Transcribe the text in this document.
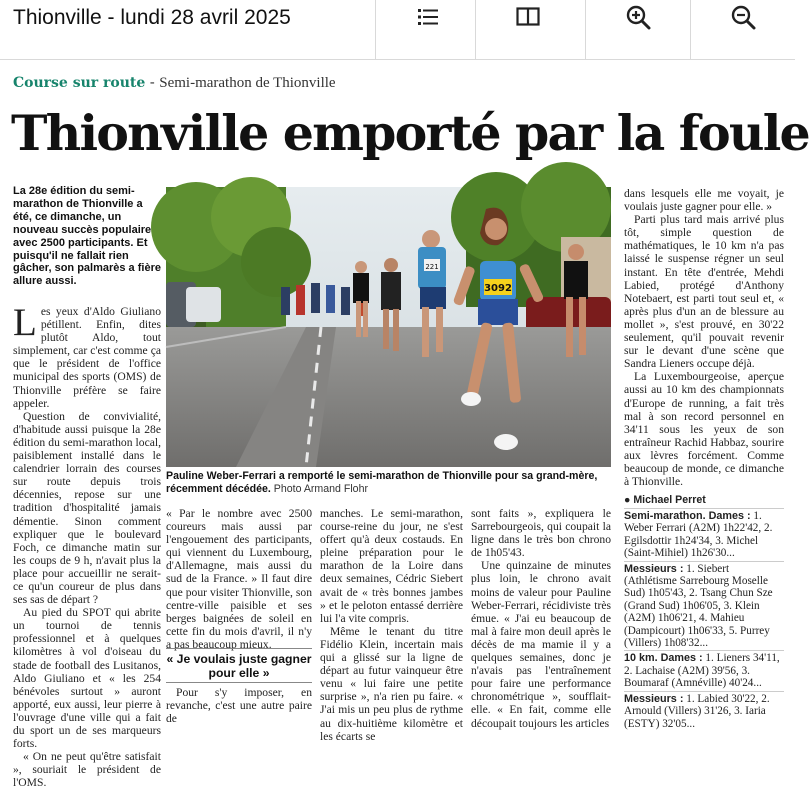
Thionville - lundi 28 avril 2025
Course sur route - Semi-marathon de Thionville
Thionville emporté par la foule
La 28e édition du semi-marathon de Thionville a été, ce dimanche, un nouveau succès populaire avec 2500 participants. Et puisqu'il ne fallait rien gâcher, son palmarès a fière allure aussi.

Les yeux d'Aldo Giuliano pétillent. Enfin, dites plutôt Aldo, tout simplement, car c'est comme ça que le président de l'office municipal des sports (OMS) de Thionville préfère se faire appeler.

Question de convivialité, d'habitude aussi puisque la 28e édition du semi-marathon local, paisiblement installé dans le calendrier lorrain des courses sur route depuis trois décennies, repose sur une tradition d'hospitalité jamais démentie. Sinon comment expliquer que le boulevard Foch, ce dimanche matin sur les coups de 9 h, n'avait plus la place pour accueillir ne serait-ce qu'un coureur de plus dans ses sas de départ ?

Au pied du SPOT qui abrite un tournoi de tennis professionnel et à quelques kilomètres à vol d'oiseau du stade de football des Lusitanos, Aldo Giuliano et « les 254 bénévoles surtout » auront apporté, eux aussi, leur pierre à l'ouvrage d'une ville qui a fait du sport un de ses marqueurs forts.

« On ne peut qu'être satisfait », souriait le président de l'OMS.

221
3092
Pauline Weber-Ferrari a remporté le semi-marathon de Thionville pour sa grand-mère, récemment décédée. Photo Armand Flohr

« Par le nombre avec 2500 coureurs mais aussi par l'engouement des participants, qui viennent du Luxembourg, d'Allemagne, mais aussi du sud de la France. » Il faut dire que pour visiter Thionville, son centre-ville paisible et ses berges baignées de soleil en cette fin du mois d'avril, il n'y a pas beaucoup mieux.

« Je voulais juste gagner pour elle »

Pour s'y imposer, en revanche, c'est une autre paire de

manches. Le semi-marathon, course-reine du jour, ne s'est offert qu'à deux costauds. En pleine préparation pour le marathon de la Loire dans deux semaines, Cédric Siebert avait de « très bonnes jambes » et le peloton entassé derrière lui l'a vite compris.

Même le tenant du titre Fidélio Klein, incertain mais qui a glissé sur la ligne de départ au futur vainqueur être venu « lui faire une petite surprise », n'a rien pu faire. « J'ai mis un peu plus de rythme au dix-huitième kilomètre et les écarts se

sont faits », expliquera le Sarrebourgeois, qui coupait la ligne dans le très bon chrono de 1h05'43.

Une quinzaine de minutes plus loin, le chrono avait moins de valeur pour Pauline Weber-Ferrari, récidiviste très émue. « J'ai eu beaucoup de mal à faire mon deuil après le décès de ma mamie il y a quelques semaines, donc je n'avais pas l'entraînement pour faire une performance chronométrique », soufflait-elle. « En fait, comme elle découpait toujours les articles

dans lesquels elle me voyait, je voulais juste gagner pour elle. »

Parti plus tard mais arrivé plus tôt, simple question de mathématiques, le 10 km n'a pas laissé le suspense régner un seul instant. En tête d'entrée, Mehdi Labied, protégé d'Anthony Notebaert, est parti tout seul et, « après plus d'un an de blessure au mollet », s'est prouvé, en 30'22 seulement, qu'il pouvait revenir sur le devant d'une scène que Sandra Lieners occupe déjà.

La Luxembourgeoise, aperçue aussi au 10 km des championnats d'Europe de running, a fait très mal à son record personnel en 34'11 sous les yeux de son entraîneur Rachid Habbaz, sourire aux lèvres forcément. Comme beaucoup de monde, ce dimanche à Thionville.

● Michael Perret

Semi-marathon. Dames : 1. Weber Ferrari (A2M) 1h22'42, 2. Egilsdottir 1h24'34, 3. Michel (Saint-Mihiel) 1h26'30...

Messieurs : 1. Siebert (Athlétisme Sarrebourg Moselle Sud) 1h05'43, 2. Tsang Chun Sze (Grand Sud) 1h06'05, 3. Klein (A2M) 1h06'21, 4. Mahieu (Dampicourt) 1h06'33, 5. Purrey (Villers) 1h08'32...

10 km. Dames : 1. Lieners 34'11, 2. Lachaise (A2M) 39'56, 3. Boumaraf (Amnéville) 40'24...

Messieurs : 1. Labied 30'22, 2. Arnould (Villers) 31'26, 3. Iaria (ESTY) 32'05...
